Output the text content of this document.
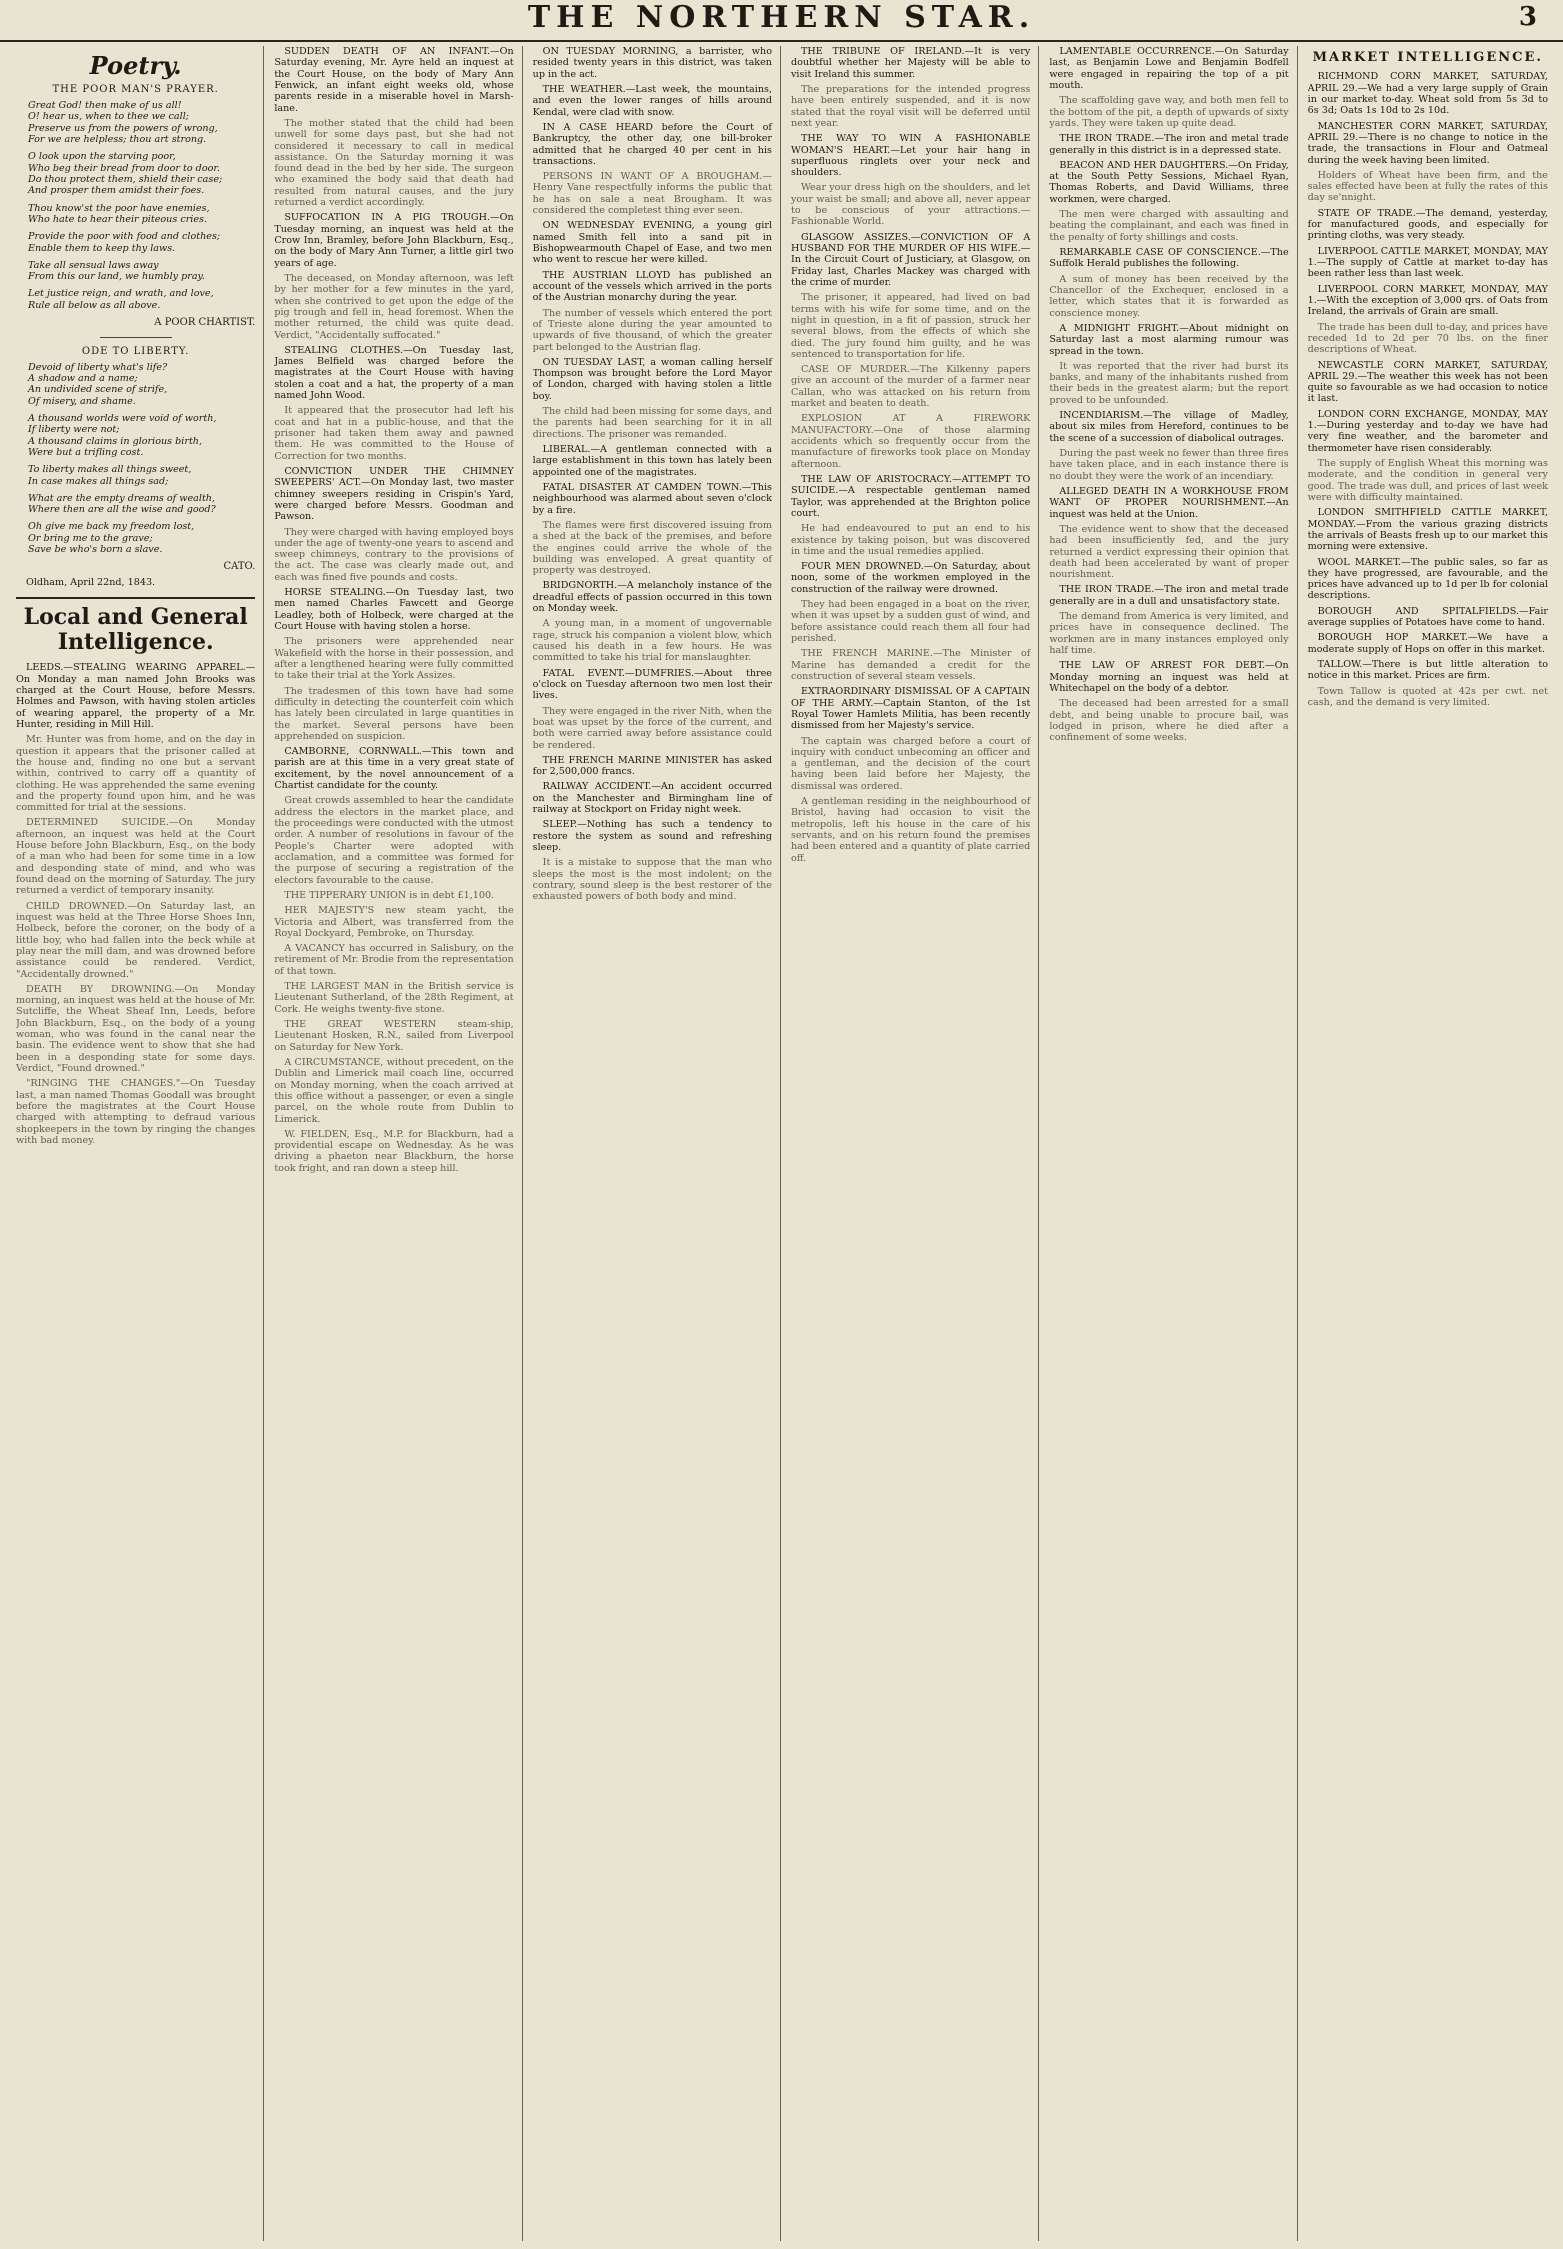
THE NORTHERN STAR.	3
Poetry.
THE POOR MAN'S PRAYER.
Great God! then make of us all!
O! hear us, when to thee we call;
Preserve us from the powers of wrong,
For we are helpless; thou art strong.
O look upon the starving poor,
Who beg their bread from door to door.
Do thou protect them, shield their case;
And prosper them amidst their foes.
Thou know'st the poor have enemies,
Who hate to hear their piteous cries.
Provide the poor with food and clothes;
Enable them to keep thy laws.
Take all sensual laws away
From this our land, we humbly pray.
Let justice reign, and wrath, and love,
Rule all below as all above.
A POOR CHARTIST.
ODE TO LIBERTY.
Devoid of liberty what's life?
A shadow and a name;
An undivided scene of strife,
Of misery, and shame.
A thousand worlds were void of worth,
If liberty were not;
A thousand claims in glorious birth,
Were but a trifling cost.
To liberty makes all things sweet,
In case makes all things sad;
What are the empty dreams of wealth,
Where then are all the wise and good?
Oh give me back my freedom lost,
Or bring me to the grave;
Save be who's born a slave.
CATO.
Oldham, April 22nd, 1843.
Local and General Intelligence.

LEEDS.—STEALING WEARING APPAREL.—On Monday a man named John Brooks was charged at the Court House, before Messrs. Holmes and Pawson, with having stolen articles of wearing apparel, the property of a Mr. Hunter, residing in Mill Hill.

Mr. Hunter was from home, and on the day in question it appears that the prisoner called at the house and, finding no one but a servant within, contrived to carry off a quantity of clothing. He was apprehended the same evening and the property found upon him, and he was committed for trial at the sessions.

DETERMINED SUICIDE.—On Monday afternoon, an inquest was held at the Court House before John Blackburn, Esq., on the body of a man who had been for some time in a low and desponding state of mind, and who was found dead on the morning of Saturday. The jury returned a verdict of temporary insanity.

CHILD DROWNED.—On Saturday last, an inquest was held at the Three Horse Shoes Inn, Holbeck, before the coroner, on the body of a little boy, who had fallen into the beck while at play near the mill dam, and was drowned before assistance could be rendered. Verdict, "Accidentally drowned."

DEATH BY DROWNING.—On Monday morning, an inquest was held at the house of Mr. Sutcliffe, the Wheat Sheaf Inn, Leeds, before John Blackburn, Esq., on the body of a young woman, who was found in the canal near the basin. The evidence went to show that she had been in a desponding state for some days. Verdict, "Found drowned."

"RINGING THE CHANGES."—On Tuesday last, a man named Thomas Goodall was brought before the magistrates at the Court House charged with attempting to defraud various shopkeepers in the town by ringing the changes with bad money.

SUDDEN DEATH OF AN INFANT.—On Saturday evening, Mr. Ayre held an inquest at the Court House, on the body of Mary Ann Fenwick, an infant eight weeks old, whose parents reside in a miserable hovel in Marsh-lane.

The mother stated that the child had been unwell for some days past, but she had not considered it necessary to call in medical assistance. On the Saturday morning it was found dead in the bed by her side. The surgeon who examined the body said that death had resulted from natural causes, and the jury returned a verdict accordingly.

SUFFOCATION IN A PIG TROUGH.—On Tuesday morning, an inquest was held at the Crow Inn, Bramley, before John Blackburn, Esq., on the body of Mary Ann Turner, a little girl two years of age.

The deceased, on Monday afternoon, was left by her mother for a few minutes in the yard, when she contrived to get upon the edge of the pig trough and fell in, head foremost. When the mother returned, the child was quite dead. Verdict, "Accidentally suffocated."

STEALING CLOTHES.—On Tuesday last, James Belfield was charged before the magistrates at the Court House with having stolen a coat and a hat, the property of a man named John Wood.

It appeared that the prosecutor had left his coat and hat in a public-house, and that the prisoner had taken them away and pawned them. He was committed to the House of Correction for two months.

CONVICTION UNDER THE CHIMNEY SWEEPERS' ACT.—On Monday last, two master chimney sweepers residing in Crispin's Yard, were charged before Messrs. Goodman and Pawson.

They were charged with having employed boys under the age of twenty-one years to ascend and sweep chimneys, contrary to the provisions of the act. The case was clearly made out, and each was fined five pounds and costs.

HORSE STEALING.—On Tuesday last, two men named Charles Fawcett and George Leadley, both of Holbeck, were charged at the Court House with having stolen a horse.

The prisoners were apprehended near Wakefield with the horse in their possession, and after a lengthened hearing were fully committed to take their trial at the York Assizes.

The tradesmen of this town have had some difficulty in detecting the counterfeit coin which has lately been circulated in large quantities in the market. Several persons have been apprehended on suspicion.

CAMBORNE, CORNWALL.—This town and parish are at this time in a very great state of excitement, by the novel announcement of a Chartist candidate for the county.

Great crowds assembled to hear the candidate address the electors in the market place, and the proceedings were conducted with the utmost order. A number of resolutions in favour of the People's Charter were adopted with acclamation, and a committee was formed for the purpose of securing a registration of the electors favourable to the cause.

THE TIPPERARY UNION is in debt £1,100.

HER MAJESTY'S new steam yacht, the Victoria and Albert, was transferred from the Royal Dockyard, Pembroke, on Thursday.

A VACANCY has occurred in Salisbury, on the retirement of Mr. Brodie from the representation of that town.

THE LARGEST MAN in the British service is Lieutenant Sutherland, of the 28th Regiment, at Cork. He weighs twenty-five stone.

THE GREAT WESTERN steam-ship, Lieutenant Hosken, R.N., sailed from Liverpool on Saturday for New York.

A CIRCUMSTANCE, without precedent, on the Dublin and Limerick mail coach line, occurred on Monday morning, when the coach arrived at this office without a passenger, or even a single parcel, on the whole route from Dublin to Limerick.

W. FIELDEN, Esq., M.P. for Blackburn, had a providential escape on Wednesday. As he was driving a phaeton near Blackburn, the horse took fright, and ran down a steep hill.

ON TUESDAY MORNING, a barrister, who resided twenty years in this district, was taken up in the act.

THE WEATHER.—Last week, the mountains, and even the lower ranges of hills around Kendal, were clad with snow.

IN A CASE HEARD before the Court of Bankruptcy, the other day, one bill-broker admitted that he charged 40 per cent in his transactions.

PERSONS IN WANT OF A BROUGHAM.—Henry Vane respectfully informs the public that he has on sale a neat Brougham. It was considered the completest thing ever seen.

ON WEDNESDAY EVENING, a young girl named Smith fell into a sand pit in Bishopwearmouth Chapel of Ease, and two men who went to rescue her were killed.

THE AUSTRIAN LLOYD has published an account of the vessels which arrived in the ports of the Austrian monarchy during the year.

The number of vessels which entered the port of Trieste alone during the year amounted to upwards of five thousand, of which the greater part belonged to the Austrian flag.

ON TUESDAY LAST, a woman calling herself Thompson was brought before the Lord Mayor of London, charged with having stolen a little boy.

The child had been missing for some days, and the parents had been searching for it in all directions. The prisoner was remanded.

LIBERAL.—A gentleman connected with a large establishment in this town has lately been appointed one of the magistrates.

FATAL DISASTER AT CAMDEN TOWN.—This neighbourhood was alarmed about seven o'clock by a fire.

The flames were first discovered issuing from a shed at the back of the premises, and before the engines could arrive the whole of the building was enveloped. A great quantity of property was destroyed.

BRIDGNORTH.—A melancholy instance of the dreadful effects of passion occurred in this town on Monday week.

A young man, in a moment of ungovernable rage, struck his companion a violent blow, which caused his death in a few hours. He was committed to take his trial for manslaughter.

FATAL EVENT.—DUMFRIES.—About three o'clock on Tuesday afternoon two men lost their lives.

They were engaged in the river Nith, when the boat was upset by the force of the current, and both were carried away before assistance could be rendered.

THE FRENCH MARINE MINISTER has asked for 2,500,000 francs.

RAILWAY ACCIDENT.—An accident occurred on the Manchester and Birmingham line of railway at Stockport on Friday night week.

SLEEP.—Nothing has such a tendency to restore the system as sound and refreshing sleep.

It is a mistake to suppose that the man who sleeps the most is the most indolent; on the contrary, sound sleep is the best restorer of the exhausted powers of both body and mind.

THE TRIBUNE OF IRELAND.—It is very doubtful whether her Majesty will be able to visit Ireland this summer.

The preparations for the intended progress have been entirely suspended, and it is now stated that the royal visit will be deferred until next year.

THE WAY TO WIN A FASHIONABLE WOMAN'S HEART.—Let your hair hang in superfluous ringlets over your neck and shoulders.

Wear your dress high on the shoulders, and let your waist be small; and above all, never appear to be conscious of your attractions.—Fashionable World.

GLASGOW ASSIZES.—CONVICTION OF A HUSBAND FOR THE MURDER OF HIS WIFE.—In the Circuit Court of Justiciary, at Glasgow, on Friday last, Charles Mackey was charged with the crime of murder.

The prisoner, it appeared, had lived on bad terms with his wife for some time, and on the night in question, in a fit of passion, struck her several blows, from the effects of which she died. The jury found him guilty, and he was sentenced to transportation for life.

CASE OF MURDER.—The Kilkenny papers give an account of the murder of a farmer near Callan, who was attacked on his return from market and beaten to death.

EXPLOSION AT A FIREWORK MANUFACTORY.—One of those alarming accidents which so frequently occur from the manufacture of fireworks took place on Monday afternoon.

THE LAW OF ARISTOCRACY.—ATTEMPT TO SUICIDE.—A respectable gentleman named Taylor, was apprehended at the Brighton police court.

He had endeavoured to put an end to his existence by taking poison, but was discovered in time and the usual remedies applied.

FOUR MEN DROWNED.—On Saturday, about noon, some of the workmen employed in the construction of the railway were drowned.

They had been engaged in a boat on the river, when it was upset by a sudden gust of wind, and before assistance could reach them all four had perished.

THE FRENCH MARINE.—The Minister of Marine has demanded a credit for the construction of several steam vessels.

EXTRAORDINARY DISMISSAL OF A CAPTAIN OF THE ARMY.—Captain Stanton, of the 1st Royal Tower Hamlets Militia, has been recently dismissed from her Majesty's service.

The captain was charged before a court of inquiry with conduct unbecoming an officer and a gentleman, and the decision of the court having been laid before her Majesty, the dismissal was ordered.

A gentleman residing in the neighbourhood of Bristol, having had occasion to visit the metropolis, left his house in the care of his servants, and on his return found the premises had been entered and a quantity of plate carried off.

LAMENTABLE OCCURRENCE.—On Saturday last, as Benjamin Lowe and Benjamin Bodfell were engaged in repairing the top of a pit mouth.

The scaffolding gave way, and both men fell to the bottom of the pit, a depth of upwards of sixty yards. They were taken up quite dead.

THE IRON TRADE.—The iron and metal trade generally in this district is in a depressed state.

BEACON AND HER DAUGHTERS.—On Friday, at the South Petty Sessions, Michael Ryan, Thomas Roberts, and David Williams, three workmen, were charged.

The men were charged with assaulting and beating the complainant, and each was fined in the penalty of forty shillings and costs.

REMARKABLE CASE OF CONSCIENCE.—The Suffolk Herald publishes the following.

A sum of money has been received by the Chancellor of the Exchequer, enclosed in a letter, which states that it is forwarded as conscience money.

A MIDNIGHT FRIGHT.—About midnight on Saturday last a most alarming rumour was spread in the town.

It was reported that the river had burst its banks, and many of the inhabitants rushed from their beds in the greatest alarm; but the report proved to be unfounded.

INCENDIARISM.—The village of Madley, about six miles from Hereford, continues to be the scene of a succession of diabolical outrages.

During the past week no fewer than three fires have taken place, and in each instance there is no doubt they were the work of an incendiary.

ALLEGED DEATH IN A WORKHOUSE FROM WANT OF PROPER NOURISHMENT.—An inquest was held at the Union.

The evidence went to show that the deceased had been insufficiently fed, and the jury returned a verdict expressing their opinion that death had been accelerated by want of proper nourishment.

THE IRON TRADE.—The iron and metal trade generally are in a dull and unsatisfactory state.

The demand from America is very limited, and prices have in consequence declined. The workmen are in many instances employed only half time.

THE LAW OF ARREST FOR DEBT.—On Monday morning an inquest was held at Whitechapel on the body of a debtor.

The deceased had been arrested for a small debt, and being unable to procure bail, was lodged in prison, where he died after a confinement of some weeks.

MARKET INTELLIGENCE.

RICHMOND CORN MARKET, SATURDAY, APRIL 29.—We had a very large supply of Grain in our market to-day. Wheat sold from 5s 3d to 6s 3d; Oats 1s 10d to 2s 10d.

MANCHESTER CORN MARKET, SATURDAY, APRIL 29.—There is no change to notice in the trade, the transactions in Flour and Oatmeal during the week having been limited.

Holders of Wheat have been firm, and the sales effected have been at fully the rates of this day se'nnight.

STATE OF TRADE.—The demand, yesterday, for manufactured goods, and especially for printing cloths, was very steady.

LIVERPOOL CATTLE MARKET, MONDAY, MAY 1.—The supply of Cattle at market to-day has been rather less than last week.

LIVERPOOL CORN MARKET, MONDAY, MAY 1.—With the exception of 3,000 qrs. of Oats from Ireland, the arrivals of Grain are small.

The trade has been dull to-day, and prices have receded 1d to 2d per 70 lbs. on the finer descriptions of Wheat.

NEWCASTLE CORN MARKET, SATURDAY, APRIL 29.—The weather this week has not been quite so favourable as we had occasion to notice it last.

LONDON CORN EXCHANGE, MONDAY, MAY 1.—During yesterday and to-day we have had very fine weather, and the barometer and thermometer have risen considerably.

The supply of English Wheat this morning was moderate, and the condition in general very good. The trade was dull, and prices of last week were with difficulty maintained.

LONDON SMITHFIELD CATTLE MARKET, MONDAY.—From the various grazing districts the arrivals of Beasts fresh up to our market this morning were extensive.

WOOL MARKET.—The public sales, so far as they have progressed, are favourable, and the prices have advanced up to 1d per lb for colonial descriptions.

BOROUGH AND SPITALFIELDS.—Fair average supplies of Potatoes have come to hand.

BOROUGH HOP MARKET.—We have a moderate supply of Hops on offer in this market.

TALLOW.—There is but little alteration to notice in this market. Prices are firm.

Town Tallow is quoted at 42s per cwt. net cash, and the demand is very limited.
